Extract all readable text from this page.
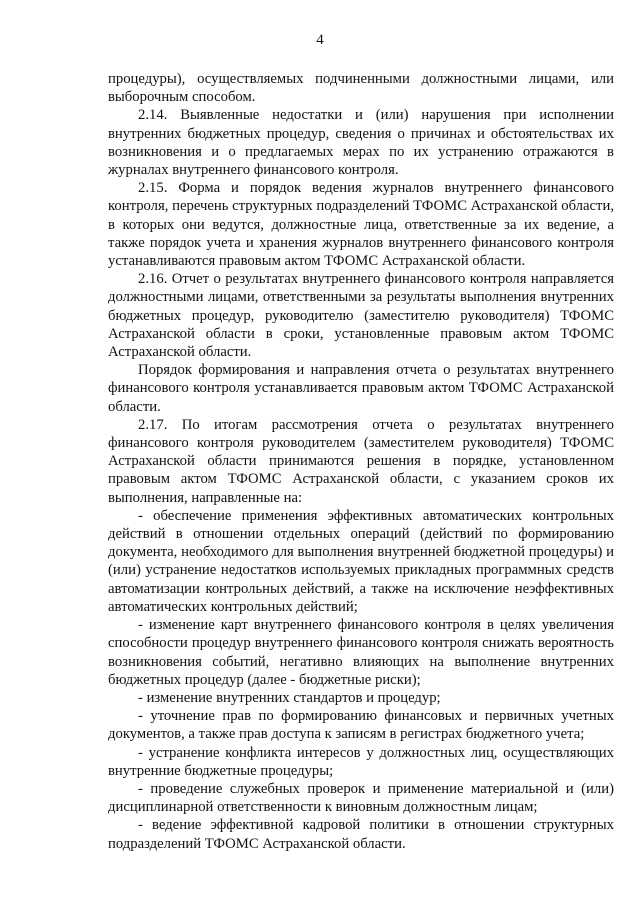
4

процедуры), осуществляемых подчиненными должностными лицами, или выборочным способом.

2.14. Выявленные недостатки и (или) нарушения при исполнении внутренних бюджетных процедур, сведения о причинах и обстоятельствах их возникновения и о предлагаемых мерах по их устранению отражаются в журналах внутреннего финансового контроля.

2.15. Форма и порядок ведения журналов внутреннего финансового контроля, перечень структурных подразделений ТФОМС Астраханской области, в которых они ведутся, должностные лица, ответственные за их ведение, а также порядок учета и хранения журналов внутреннего финансового контроля устанавливаются правовым актом ТФОМС Астраханской области.

2.16. Отчет о результатах внутреннего финансового контроля направляется должностными лицами, ответственными за результаты выполнения внутренних бюджетных процедур, руководителю (заместителю руководителя) ТФОМС Астраханской области в сроки, установленные правовым актом ТФОМС Астраханской области.

Порядок формирования и направления отчета о результатах внутреннего финансового контроля устанавливается правовым актом ТФОМС Астраханской области.

2.17. По итогам рассмотрения отчета о результатах внутреннего финансового контроля руководителем (заместителем руководителя) ТФОМС Астраханской области принимаются решения в порядке, установленном правовым актом ТФОМС Астраханской области, с указанием сроков их выполнения, направленные на:

- обеспечение применения эффективных автоматических контрольных действий в отношении отдельных операций (действий по формированию документа, необходимого для выполнения внутренней бюджетной процедуры) и (или) устранение недостатков используемых прикладных программных средств автоматизации контрольных действий, а также на исключение неэффективных автоматических контрольных действий;

- изменение карт внутреннего финансового контроля в целях увеличения способности процедур внутреннего финансового контроля снижать вероятность возникновения событий, негативно влияющих на выполнение внутренних бюджетных процедур (далее - бюджетные риски);

- изменение внутренних стандартов и процедур;

- уточнение прав по формированию финансовых и первичных учетных документов, а также прав доступа к записям в регистрах бюджетного учета;

- устранение конфликта интересов у должностных лиц, осуществляющих внутренние бюджетные процедуры;

- проведение служебных проверок и применение материальной и (или) дисциплинарной ответственности к виновным должностным лицам;

- ведение эффективной кадровой политики в отношении структурных подразделений ТФОМС Астраханской области.
